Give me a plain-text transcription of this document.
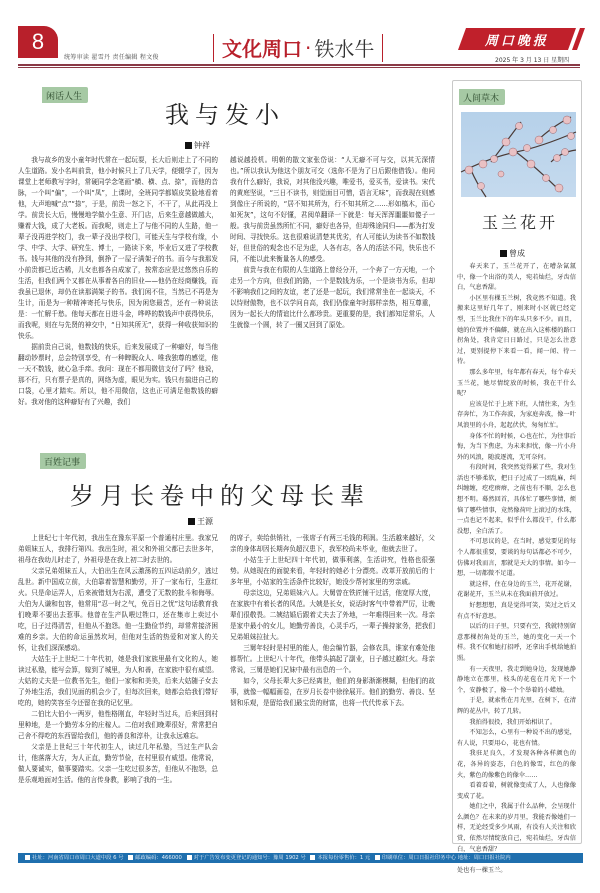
8
统筹审读 翟雪丹 责任编辑 程文俊	文化周口 · 铁水牛	周口晚报
2025 年 3 月 13 日 星期四
闲话人生
我与发小
钟祥

我与故乡的发小童年时代常在一起玩耍，长大后则走上了不同的人生道路。发小名叫前贵，他小时候只上了几天学，便辍学了，因为课堂上老师教写字时，常硬同学念笔画“横、横、点、捺”，而他的音脉，一个叫“偏”，一个叫“凤”，上课时，全班同学都嬉皮笑脸地看着他，大声地喊“点”“捺”，于是，前贵一怒之下，不干了，从此再没上学。前贵长大后，慢慢地学做小生意、开门店，后来生意越做越大，赚着大钱，成了大老板。而我呢，则走上了与他不同的人生路，他一辈子没再进学校门，我一辈子没出学校门，可能天生与学校有缘，小学、中学、大学、研究生、博士，一路读下来，毕业后又进了学校教书。钱与其他的没有挣到，倒挣了一屋子满架子的书。而今与我那发小前贵都已近古稀，儿女也都各自成家了，按常态应是过悠然自乐的生活，但我们两个又都在从事着各自的旧业——他仍在经商赚钱，而我虽已退休，却仍在读那满架子的书。我们闲不住，当然已不再是为生计，而是为一种精神寄托与快乐，因为闲您最苦，还有一种说法是：一忙解千愁。他每天都在日进斗金，哗哗的数钱声中获得快乐，而我呢，则在与先贤的神交中，“日知其所无”，获得一种收获知识的快乐。

据前贵自己说，他数钱的快乐，后来发展成了一种癖好，每当他翻动钞票时，总会特别享受，有一种睥睨众人、唯我独尊的感觉，他一天不数钱，就心急手痒。我问：现在不都用微信支付了吗？他说，那不行，只有票子是真的，网络为虚，眼见为实。钱只有揣进自己的口袋，心里才踏实。所以，他不用微信，这也正可满足他数钱的癖好。我对他的这种癖好有了兴趣，我们

越说越投机。明朝的散文家张岱说：“人无癖不可与交，以其无深情也。”所以我认为他这个朋友可交（选你不是为了日后跟他借钱）。他问我有什么癖好，我说，对其他没兴趣，唯爱书，爱买书，爱读书。宋代的黄庭坚说，“三日不读书，则觉面目可憎，语言无味”，而我现在则感到像庄子所说的，“居不知其所为，行不知其所之……形如槁木，而心如死灰”，这句不好懂，君阅单翻译一下就是：每天浑浑噩噩如傻子一般。我与前贵虽然所忙不同，癖好也各异，但却殊途同归——都为打发时间、寻找快乐。这也很难说清楚其优劣，有人可能认为读书不如数钱好，但世俗的观念也不足为虑，人各有志，各人的活法不同，快乐也不同，不能以此来衡量各人的感受。

前贵与我在有限的人生道路上曾经分开，一个奔了一方天地，一个走另一个方向，但我们的路，一个是数钱为乐，一个是读书为乐，但却不影响我们之间的友谊，老了还是一起玩，我们常常坐在一起谈天，不以恃财傲物，也不以学问自高，我们仍像童年时那样亲热，相互尊重，因为一起长大的情谊比什么都珍贵。更重要的是，我们都知足常乐，人生就像一个圆，转了一圈又回到了原处。

百姓记事
岁月长卷中的父母长辈
王源

上世纪七十年代初，我出生在豫东平原一个普通村庄里。我家兄弟姐妹五人，我排行第四。我出生时，祖父和外祖父都已去世多年，祖母在我幼儿时走了，外祖母是在我上初二时去世的。

父亲兄弟姐妹五人，大伯出生在风云激荡的五四运动前夕，逃过乱世。新中国成立前，大伯靠着智慧和勤劳，开了一家布行，生意红火。只是命运弄人，后来被错划为右派，遭受了无数的批斗和侮辱。大伯为人谦和包容，他常用“忍一时之气，免百日之忧”这句话教育我们晚辈不要出去惹事。他曾在生产队喂过牲口，还在集市上卖过小吃，日子过得清苦，但他从不抱怨。他一生勤俭节约，却常常接济困难的乡亲。大伯的命运虽然坎坷，但他对生活的热爱和对家人的关怀，让我们深深感动。

大姑生于上世纪二十年代初，她是我们家族里最有文化的人，她读过私塾，能写会算，嫁到了城里，为人和善，在家族中很有威望。大姑的丈夫是一位教书先生，他们一家和和美美，后来大姑随子女去了外地生活，我们见面的机会少了，但每次回来，她都会给我们带好吃的，她的笑容至今还留在我的记忆里。

二伯比大伯小一两岁，他性格刚直，年轻时当过兵，后来回到村里种地，是一个勤劳本分的庄稼人。二伯对我们晚辈很好，常常把自己舍不得吃的东西留给我们，他的善良和淳朴，让我永远难忘。

父亲是上世纪三十年代初生人，读过几年私塾，当过生产队会计，他落落大方，为人正直，勤劳节俭，在村里很有威望。他常说，做人要诚实，做事要踏实。父亲一生吃过很多苦，但他从不抱怨，总是乐观地面对生活。他的言传身教，影响了我的一生。

的席子，卖给供销社，一张席子有两三毛钱的利润。生活越来越好，父亲的身体却因长期奔负超汉患下，我军校尚未毕业，他就去世了。

小姑生于上世纪四十年代初，做事利落，生活讲究，性格也很强势。从她现在的面貌来看，年轻时的她必十分漂亮。改革开放前后的十多年里，小姑家的生活条件比较好，她没少帮衬家里的穷亲戚。

母亲这边，兄弟姐妹六人。大舅曾在铁匠铺干过活，他宽厚大度，在家族中有着长者的风范。大姨是长女，说话时客气中带着严厉，让晚辈们很敬畏。二姨结婚后跟着丈夫去了外地，一年难得回来一次。母亲是家中最小的女儿，她勤劳善良，心灵手巧，一辈子操持家务，把我们兄弟姐妹拉扯大。

三舅年轻时是村里的能人，他会编竹器，会修农具，谁家有难处他都帮忙。上世纪八十年代，他带头搞起了副业，日子越过越红火。母亲常说，三舅是她们兄妹中最有出息的一个。

如今，父母长辈大多已经离世，他们的身影渐渐模糊，但他们的故事，就像一幅幅画卷，在岁月长卷中徐徐展开。他们的勤劳、善良、坚韧和乐观，是留给我们最宝贵的财富，也将一代代传承下去。

人间草木
玉兰花开
曾成

春天来了，玉兰花开了，在嘈杂氤氲中，像一个出浴的美人，宛若灿烂，牙齿信白，气息香甜。

小区里有棵玉兰树，我竟然不知道。我搬来这里好几年了，刚来时小区就已经定型，玉兰比我住下的年头只多不少。而且，她的位置并不偏僻，就在出入这栋楼的路口拐角处，我肯定日日路过，只是怎么注意过，更别提停下来看一看，闻一闻、待一待。

那么多年里，每年都有春天，每个春天玉兰花，她尽情绽放的时候，我在干什么呢？

应该是忙于上班下班，人情往来，为生存奔忙，为工作奔波，为家庭奔波，像一叶风浪里的小舟，起起伏伏，匆匆忙忙。

身体不忙的时候，心也在忙，为往事后悔，为当下焦虑，为未来担忧，像一片小舟外的风浪，随波逐流，无可奈何。

有段时间，我突然觉得累了些，我对生活也不够柔软，把日子过成了一团乱麻，纠纠缠缠，疙疙瘩瘩，之前也有不顺，怎么也想不明。蓦然回首，具体忙了哪些事情，烦恼了哪些情事，竟然像荷叶上滚过的水珠，一点也记不起来，似乎什么都没干，什么都没想，全白活了。

不可思议的是，在当时，感觉要见的每个人都很重要，要谈的每句话都必不可少，仿佛对我而言，那就是天大的事情。如今一想，一切都微不足道。

就这样，住在身边的玉兰，花开花谢，花谢花开，玉兰从未在我面前开放过。

好想想想，真是觉得可笑，笑过之后又有点不好意思。

以后的日子里，只要有空，我就特别留意那棵拐角处的玉兰，她的变化一天一个样。我不仅和她打招呼，还拿出手机给她拍照。

有一天夜里，我走到她身边，发现她静静地立在那里，枝头的花苞在月光下一个个，安静极了，像一个个举着的小蜡烛。

于是，就索性在月光里，在树下，在清辉的花丛中，转了几转。

我拍得很投，我们开始相识了。

不知怎么，心里有一种说不出的感觉，有人说，只要用心，花也有情。

我驻足良久，才发现各种各样颜色的花，各异的姿态，白色的像雪，红色的像火，紫色的像紫色的像伞……

看着看着，树就像变成了人，人也像像变成了花。

她们之中，我属于什么品种，会呈现什么颜色？在未来的岁月里，我能否像她们一样，无论经受多少风雨，有没有人关注和欣赏，依然尽情绽放自己，宛若灿烂，牙齿信白，气息香甜？

处也有一棵玉兰。

社址：河南省周口市周口大道中段 6 号 邮政编码：466000 对于广告发布变更登记的通知号：豫周 1902 号 本报每份零售价：1 元 印刷单位：周口日报社印务中心 地址：周口日报社院内
